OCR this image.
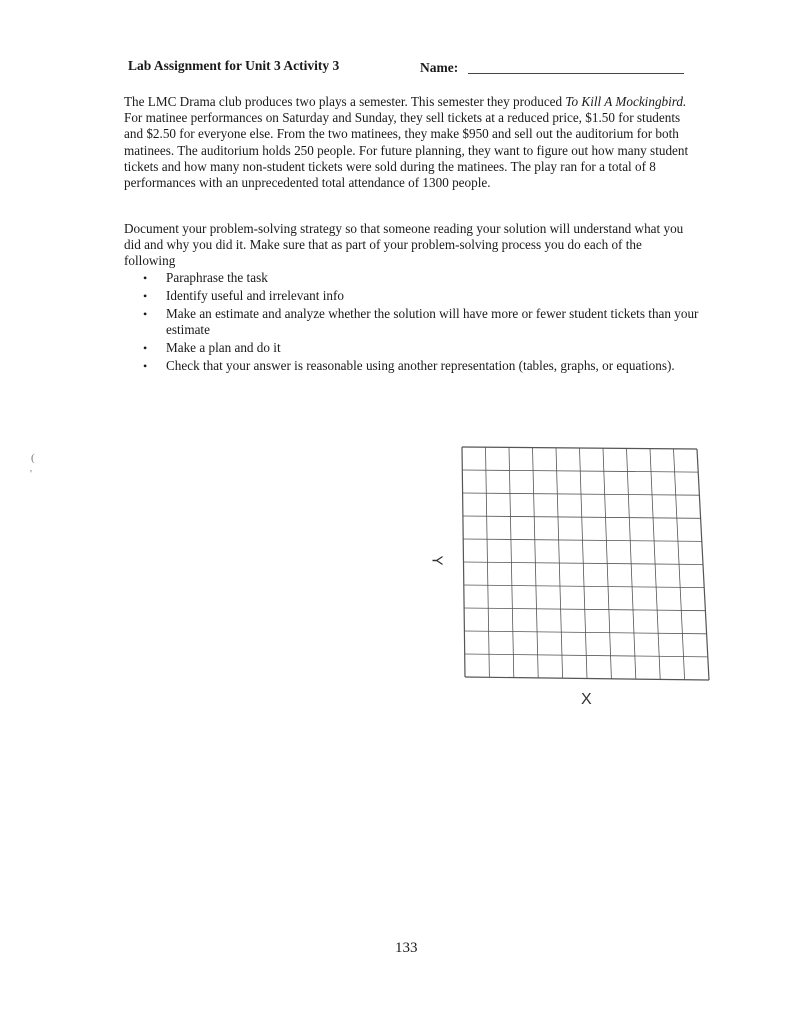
Lab Assignment for Unit 3 Activity 3	Name:

The LMC Drama club produces two plays a semester. This semester they produced To Kill A Mockingbird. For matinee performances on Saturday and Sunday, they sell tickets at a reduced price, $1.50 for students and $2.50 for everyone else. From the two matinees, they make $950 and sell out the auditorium for both matinees. The auditorium holds 250 people. For future planning, they want to figure out how many student tickets and how many non-student tickets were sold during the matinees. The play ran for a total of 8 performances with an unprecedented total attendance of 1300 people.

Document your problem-solving strategy so that someone reading your solution will understand what you did and why you did it. Make sure that as part of your problem-solving process you do each of the following

• Paraphrase the task
• Identify useful and irrelevant info
• Make an estimate and analyze whether the solution will have more or fewer student tickets than your estimate
• Make a plan and do it
• Check that your answer is reasonable using another representation (tables, graphs, or equations).
Y
X
(
'
133
